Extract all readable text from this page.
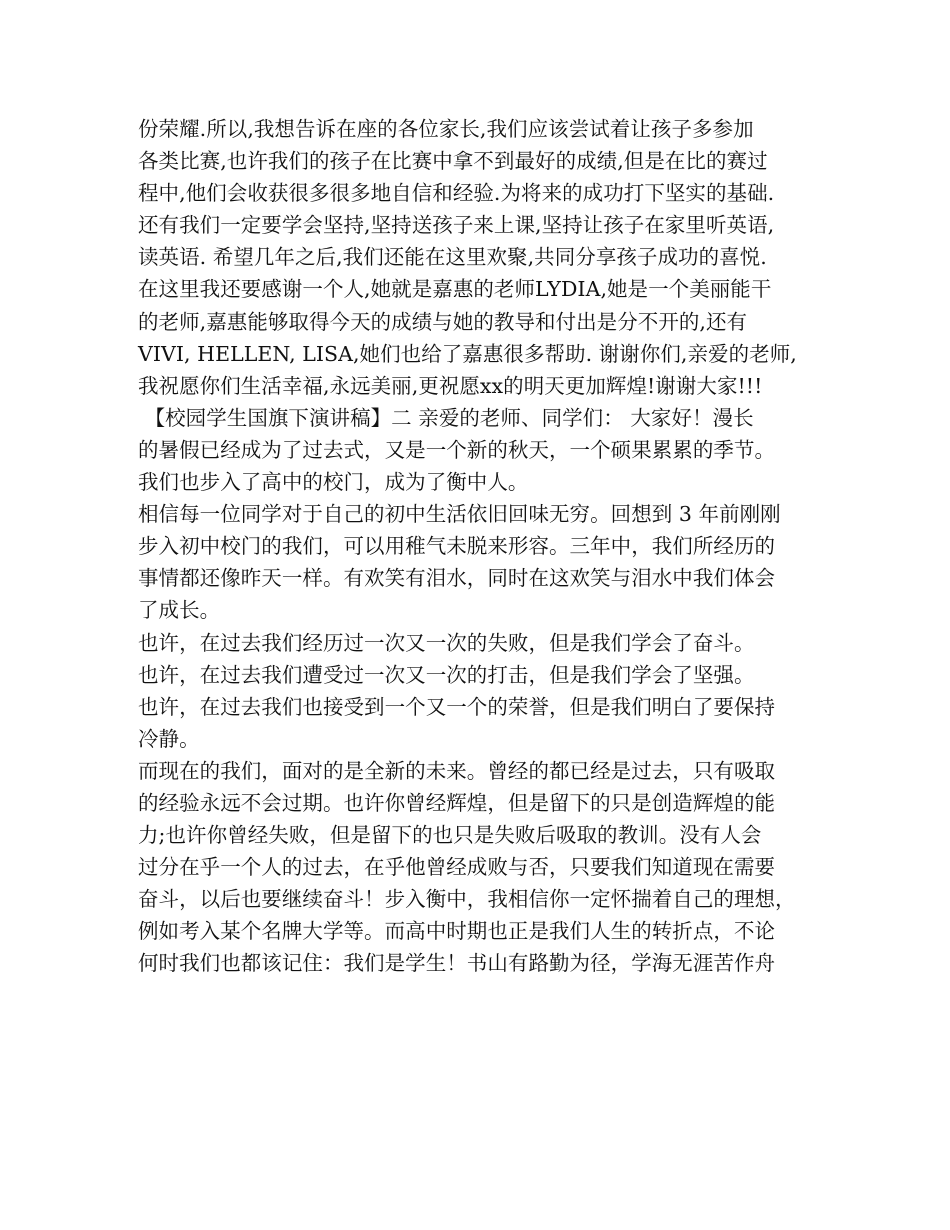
份荣耀.所以,我想告诉在座的各位家长,我们应该尝试着让孩子多参加
各类比赛,也许我们的孩子在比赛中拿不到最好的成绩,但是在比的赛过
程中,他们会收获很多很多地自信和经验.为将来的成功打下坚实的基础.
还有我们一定要学会坚持,坚持送孩子来上课,坚持让孩子在家里听英语,
读英语. 希望几年之后,我们还能在这里欢聚,共同分享孩子成功的喜悦.
在这里我还要感谢一个人,她就是嘉惠的老师LYDIA,她是一个美丽能干
的老师,嘉惠能够取得今天的成绩与她的教导和付出是分不开的,还有
VIVI, HELLEN, LISA,她们也给了嘉惠很多帮助. 谢谢你们,亲爱的老师,
我祝愿你们生活幸福,永远美丽,更祝愿xx的明天更加辉煌!谢谢大家!!!
【校园学生国旗下演讲稿】二 亲爱的老师、同学们： 大家好！漫长
的暑假已经成为了过去式，又是一个新的秋天，一个硕果累累的季节。
我们也步入了高中的校门，成为了衡中人。
相信每一位同学对于自己的初中生活依旧回味无穷。回想到 3 年前刚刚
步入初中校门的我们，可以用稚气未脱来形容。三年中，我们所经历的
事情都还像昨天一样。有欢笑有泪水，同时在这欢笑与泪水中我们体会
了成长。
也许，在过去我们经历过一次又一次的失败，但是我们学会了奋斗。
也许，在过去我们遭受过一次又一次的打击，但是我们学会了坚强。
也许，在过去我们也接受到一个又一个的荣誉，但是我们明白了要保持
冷静。
而现在的我们，面对的是全新的未来。曾经的都已经是过去，只有吸取
的经验永远不会过期。也许你曾经辉煌，但是留下的只是创造辉煌的能
力;也许你曾经失败，但是留下的也只是失败后吸取的教训。没有人会
过分在乎一个人的过去，在乎他曾经成败与否，只要我们知道现在需要
奋斗，以后也要继续奋斗！步入衡中，我相信你一定怀揣着自己的理想，
例如考入某个名牌大学等。而高中时期也正是我们人生的转折点，不论
何时我们也都该记住：我们是学生！书山有路勤为径，学海无涯苦作舟
